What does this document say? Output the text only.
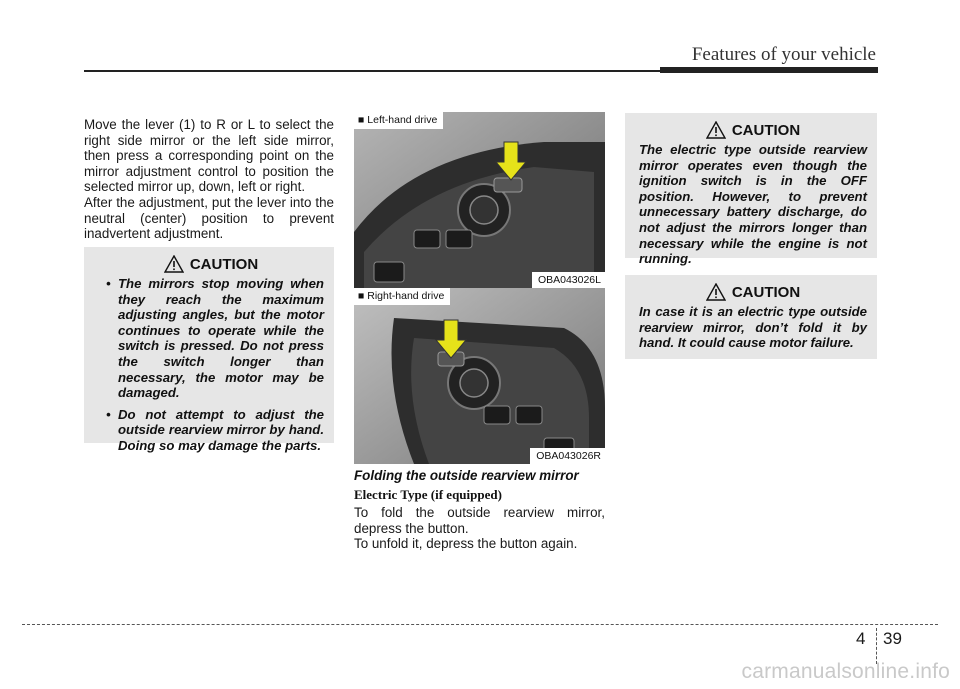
Features of your vehicle

Move the lever (1) to R or L to select the right side mirror or the left side mirror, then press a corresponding point on the mirror adjustment control to position the selected mirror up, down, left or right.

After the adjustment, put the lever into the neutral (center) position to prevent inadvertent adjustment.

CAUTION
• The mirrors stop moving when they reach the maximum adjusting angles, but the motor continues to operate while the switch is pressed. Do not press the switch longer than necessary, the motor may be damaged.
• Do not attempt to adjust the outside rearview mirror by hand. Doing so may damage the parts.
■ Left-hand drive
OBA043026L
■ Right-hand drive
OBA043026R
Folding the outside rearview mirror
Electric Type (if equipped)

To fold the outside rearview mirror, depress the button.

To unfold it, depress the button again.

CAUTION

The electric type outside rearview mirror operates even though the ignition switch is in the OFF position. However, to prevent unnecessary battery discharge, do not adjust the mirrors longer than necessary while the engine is not running.

CAUTION

In case it is an electric type outside rearview mirror, don’t fold it by hand. It could cause motor failure.

4 39
carmanualsonline.info
